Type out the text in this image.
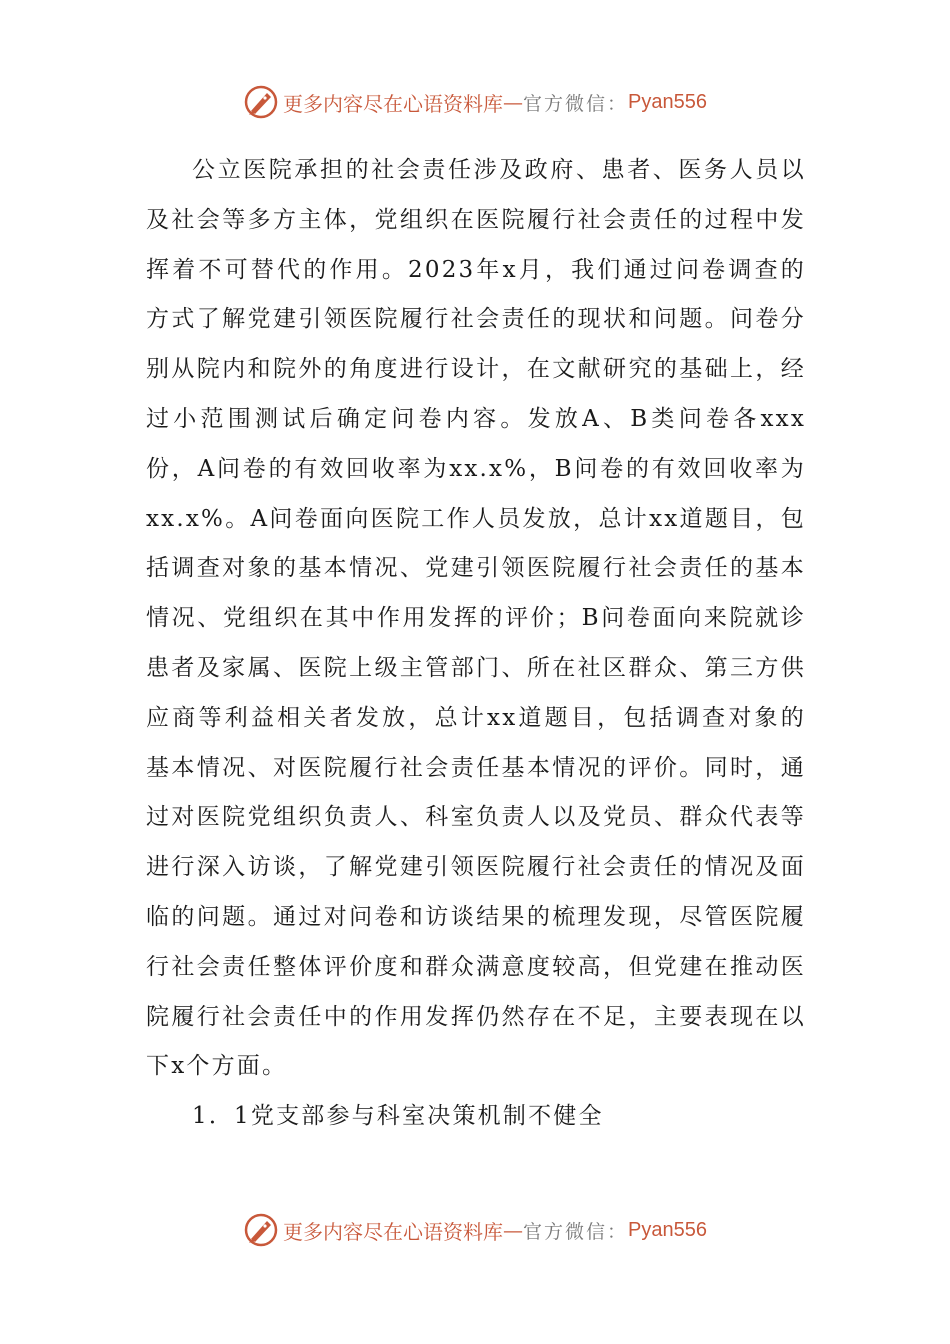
更多内容尽在心语资料库 — 官方微信： Pyan556

公立医院承担的社会责任涉及政府、患者、医务人员以及社会等多方主体，党组织在医院履行社会责任的过程中发挥着不可替代的作用。2023年x月，我们通过问卷调查的方式了解党建引领医院履行社会责任的现状和问题。问卷分别从院内和院外的角度进行设计，在文献研究的基础上，经过小范围测试后确定问卷内容。发放A、B类问卷各xxx份，A问卷的有效回收率为xx.x%，B问卷的有效回收率为xx.x%。A问卷面向医院工作人员发放，总计xx道题目，包括调查对象的基本情况、党建引领医院履行社会责任的基本情况、党组织在其中作用发挥的评价；B问卷面向来院就诊患者及家属、医院上级主管部门、所在社区群众、第三方供应商等利益相关者发放，总计xx道题目，包括调查对象的基本情况、对医院履行社会责任基本情况的评价。同时，通过对医院党组织负责人、科室负责人以及党员、群众代表等进行深入访谈，了解党建引领医院履行社会责任的情况及面临的问题。通过对问卷和访谈结果的梳理发现，尽管医院履行社会责任整体评价度和群众满意度较高，但党建在推动医院履行社会责任中的作用发挥仍然存在不足，主要表现在以下x个方面。

1．1党支部参与科室决策机制不健全

更多内容尽在心语资料库 — 官方微信： Pyan556
